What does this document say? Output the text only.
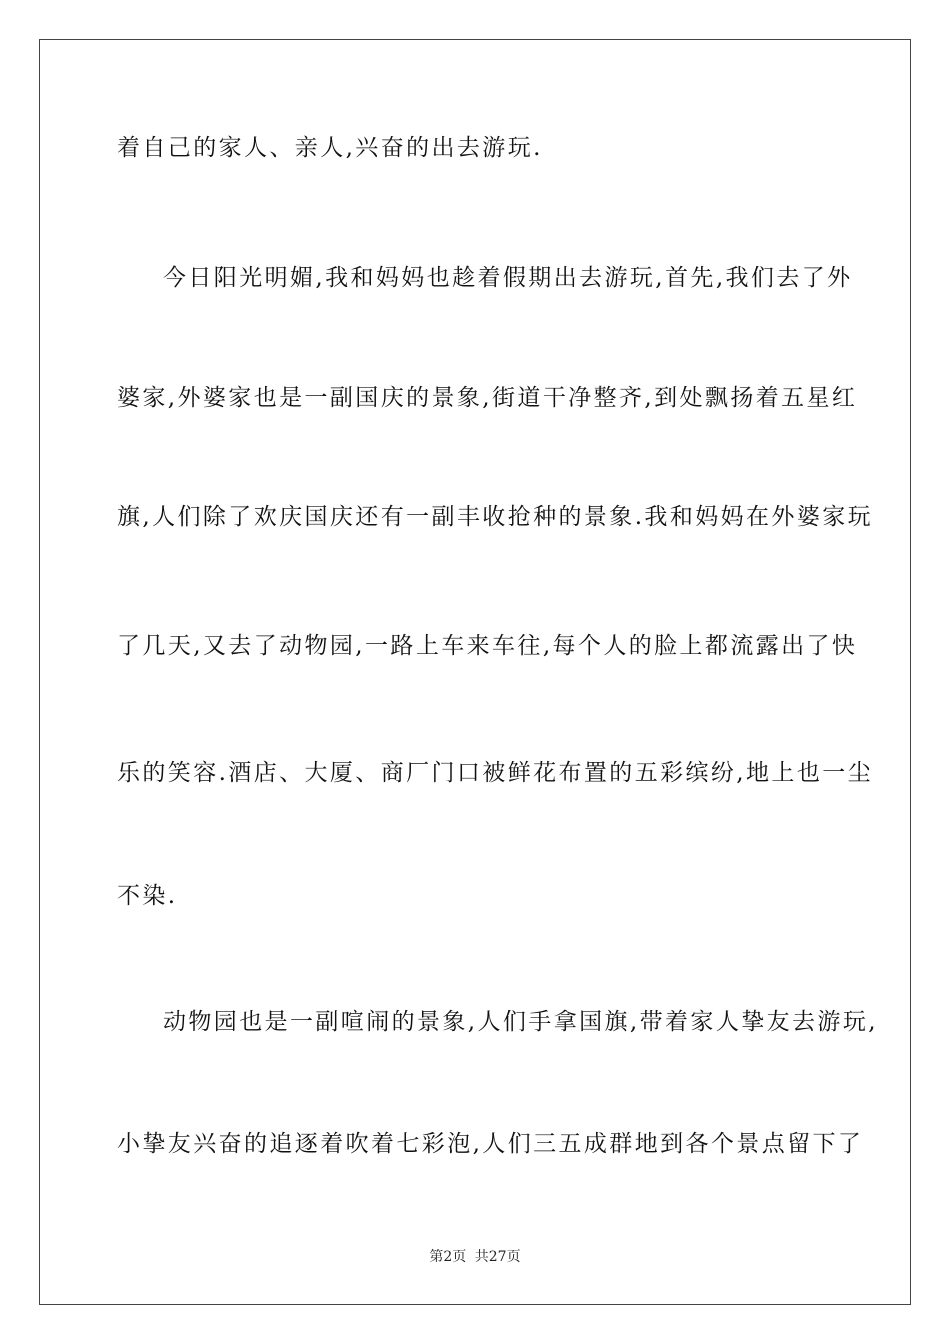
着自己的家人、亲人,兴奋的出去游玩.
今日阳光明媚,我和妈妈也趁着假期出去游玩,首先,我们去了外
婆家,外婆家也是一副国庆的景象,街道干净整齐,到处飘扬着五星红
旗,人们除了欢庆国庆还有一副丰收抢种的景象.我和妈妈在外婆家玩
了几天,又去了动物园,一路上车来车往,每个人的脸上都流露出了快
乐的笑容.酒店、大厦、商厂门口被鲜花布置的五彩缤纷,地上也一尘
不染.
动物园也是一副喧闹的景象,人们手拿国旗,带着家人挚友去游玩,
小挚友兴奋的追逐着吹着七彩泡,人们三五成群地到各个景点留下了
第2页 共27页
